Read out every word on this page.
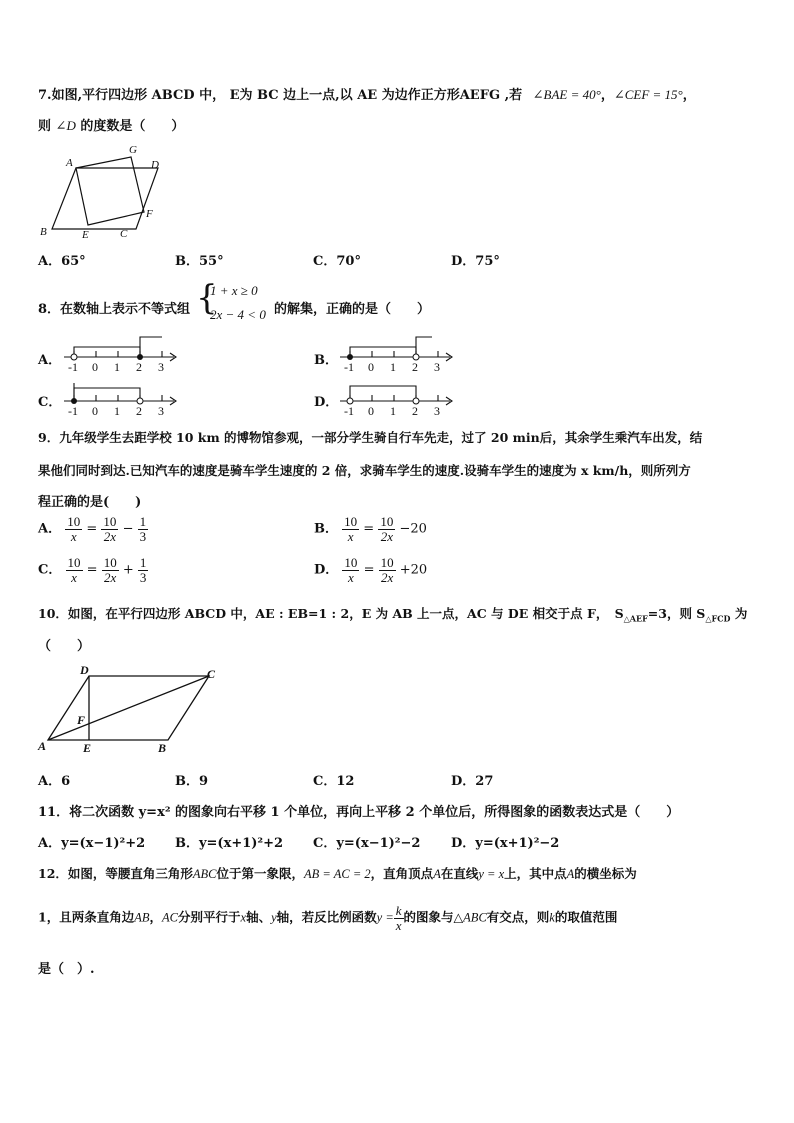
7.如图,平行四边形 ABCD 中， E为 BC 边上一点,以 AE 为边作正方形AEFG ,若 ∠BAE = 40°，∠CEF = 15°，
则 ∠D 的度数是（　　）
A
G
D
F
B	E	C
A．65°	B．55°	C．70°	D．75°
8．在数轴上表示不等式组 {
1 + x ≥ 0
2x − 4 < 0 的解集，正确的是（　　）
A．	B．
C．	D．
-1 0 1 2 3	-1 0 1 2 3
-1 0 1 2 3	-1 0 1 2 3
9．九年级学生去距学校 10 km 的博物馆参观，一部分学生骑自行车先走，过了 20 min后，其余学生乘汽车出发，结
果他们同时到达.已知汽车的速度是骑车学生速度的 2 倍，求骑车学生的速度.设骑车学生的速度为 x km/h，则所列方
程正确的是(　　)
A． $\frac{10}{x} = \frac{10}{2x} - \frac{1}{3}$	B． $\frac{10}{x} = \frac{10}{2x} -20$
C． $\frac{10}{x} = \frac{10}{2x} + \frac{1}{3}$	D． $\frac{10}{x} = \frac{10}{2x} +20$
10．如图，在平行四边形 ABCD 中，AE : EB=1 : 2，E 为 AB 上一点，AC 与 DE 相交于点 F，　$S_{\triangle AEF}=3$，则 $S_{\triangle FCD}$ 为
（　　）
D	C
F
A	E	B
A．6	B．9	C．12	D．27
11．将二次函数 y=x² 的图象向右平移 1 个单位，再向上平移 2 个单位后，所得图象的函数表达式是（　　）
A．y=(x−1)²+2 B．y=(x+1)²+2 C．y=(x−1)²−2 D．y=(x+1)²−2
12．如图，等腰直角三角形ABC位于第一象限，AB = AC = 2，直角顶点A在直线y = x上，其中点A的横坐标为
1，且两条直角边AB，AC分别平行于x轴、y轴，若反比例函数$y = \frac{k}{x}$ 的图象与△ABC有交点，则k的取值范围
是（　）.
